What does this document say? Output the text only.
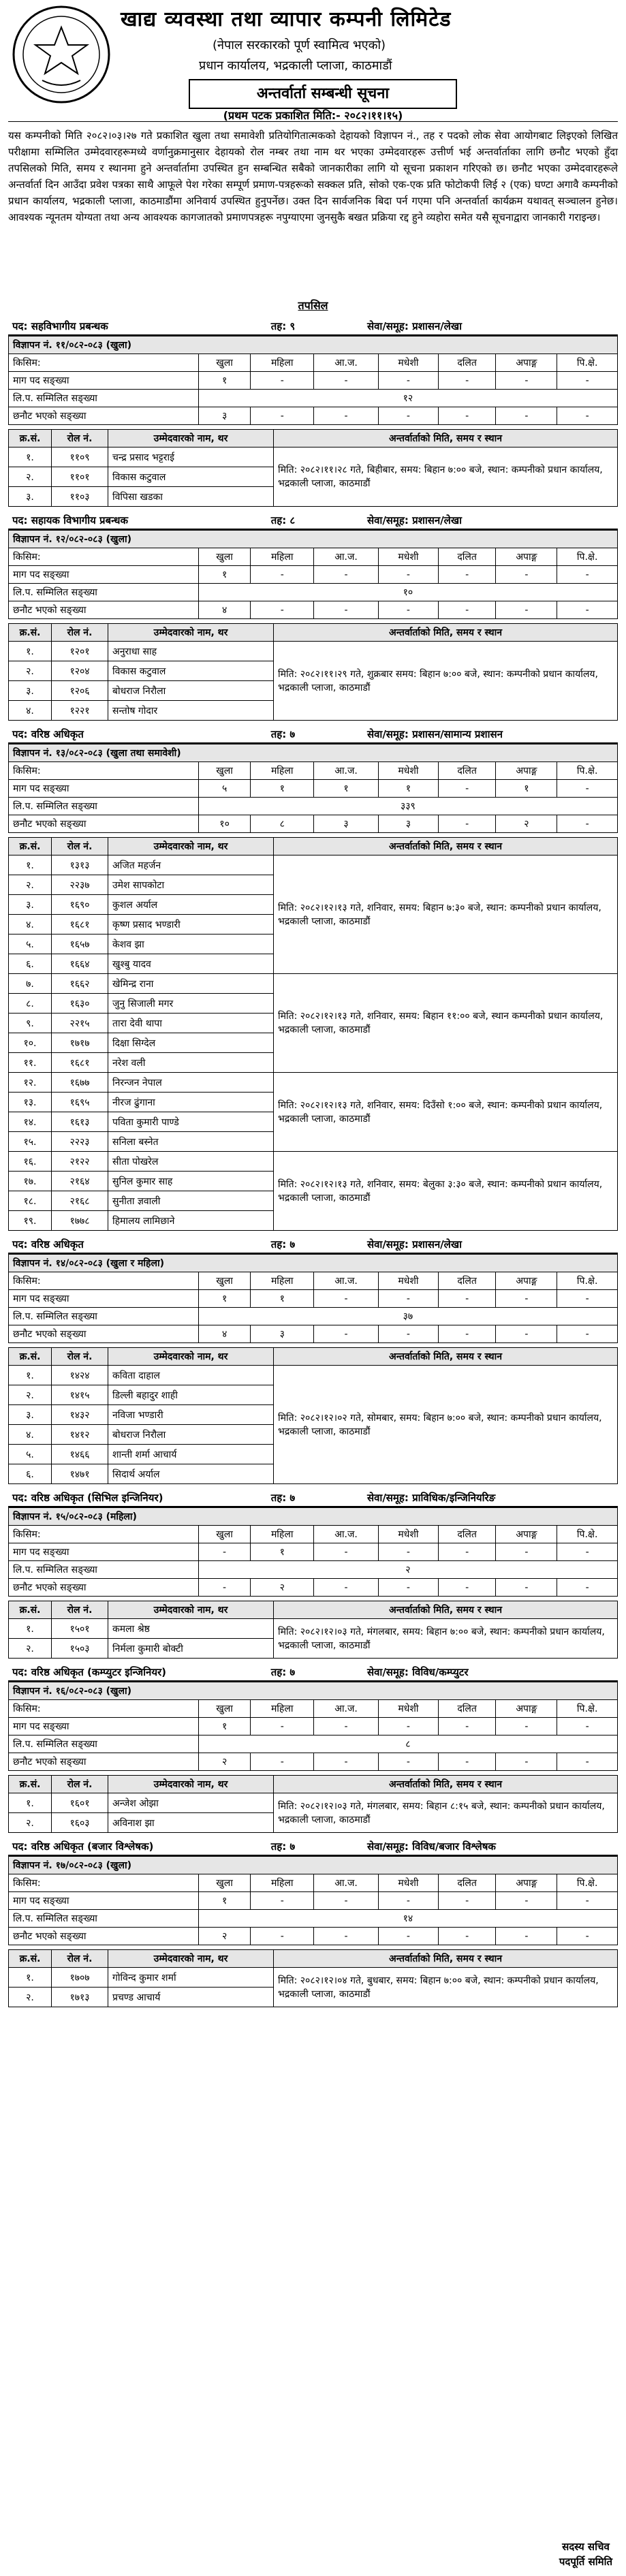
खाद्य व्यवस्था तथा व्यापार कम्पनी लिमिटेड
(नेपाल सरकारको पूर्ण स्वामित्व भएको)
प्रधान कार्यालय, भद्रकाली प्लाजा, काठमाडौं
अन्तर्वार्ता सम्बन्धी सूचना
(प्रथम पटक प्रकाशित मिति:- २०८२।११।१५)

यस कम्पनीको मिति २०८२।०३।२७ गते प्रकाशित खुला तथा समावेशी प्रतियोगितात्मकको देहायको विज्ञापन नं., तह र पदको लोक सेवा आयोगबाट लिइएको लिखित परीक्षामा सम्मिलित उम्मेदवारहरूमध्ये वर्णानुक्रमानुसार देहायको रोल नम्बर तथा नाम थर भएका उम्मेदवारहरू उत्तीर्ण भई अन्तर्वार्ताका लागि छनौट भएको हुँदा तपसिलको मिति, समय र स्थानमा हुने अन्तर्वार्तामा उपस्थित हुन सम्बन्धित सबैको जानकारीका लागि यो सूचना प्रकाशन गरिएको छ। छनौट भएका उम्मेदवारहरूले अन्तर्वार्ता दिन आउँदा प्रवेश पत्रका साथै आफूले पेश गरेका सम्पूर्ण प्रमाण-पत्रहरूको सक्कल प्रति, सोको एक-एक प्रति फोटोकपी लिई २ (एक) घण्टा अगावै कम्पनीको प्रधान कार्यालय, भद्रकाली प्लाजा, काठमाडौंमा अनिवार्य उपस्थित हुनुपर्नेछ। उक्त दिन सार्वजनिक बिदा पर्न गएमा पनि अन्तर्वार्ता कार्यक्रम यथावत् सञ्चालन हुनेछ। आवश्यक न्यूनतम योग्यता तथा अन्य आवश्यक कागजातको प्रमाणपत्रहरू नपुग्याएमा जुनसुकै बखत प्रक्रिया रद्द हुने व्यहोरा समेत यसै सूचनाद्वारा जानकारी गराइन्छ।

तपसिल
पद: सहविभागीय प्रबन्धक	तह: ९	सेवा/समूह: प्रशासन/लेखा
विज्ञापन नं. ११/०८२-०८३ (खुला)							
किसिम:	खुला	महिला	आ.ज.	मधेशी	दलित	अपाङ्ग	पि.क्षे.
माग पद सङ्ख्या	१	-	-	-	-	-	-
लि.प. सम्मिलित सङ्ख्या	१२						
छनौट भएको सङ्ख्या	३	-	-	-	-	-	-
क्र.सं.	रोल नं.	उम्मेदवारको नाम, थर	अन्तर्वार्ताको मिति, समय र स्थान
१.	११०९	चन्द्र प्रसाद भट्टराई	मिति: २०८२।११।२८ गते, बिहीबार, समय: बिहान ७:०० बजे, स्थान: कम्पनीको प्रधान कार्यालय, भद्रकाली प्लाजा, काठमाडौं
२.	११०१	विकास कटुवाल	
३.	११०३	विपिसा खडका	
पद: सहायक विभागीय प्रबन्धक	तह: ८	सेवा/समूह: प्रशासन/लेखा
विज्ञापन नं. १२/०८२-०८३ (खुला)							
किसिम:	खुला	महिला	आ.ज.	मधेशी	दलित	अपाङ्ग	पि.क्षे.
माग पद सङ्ख्या	१	-	-	-	-	-	-
लि.प. सम्मिलित सङ्ख्या	१०						
छनौट भएको सङ्ख्या	४	-	-	-	-	-	-
क्र.सं.	रोल नं.	उम्मेदवारको नाम, थर	अन्तर्वार्ताको मिति, समय र स्थान
१.	१२०१	अनुराधा साह	मिति: २०८२।११।२९ गते, शुक्रबार समय: बिहान ७:०० बजे, स्थान: कम्पनीको प्रधान कार्यालय, भद्रकाली प्लाजा, काठमाडौं
२.	१२०४	विकास कटुवाल	
३.	१२०६	बोधराज निरौला	
४.	१२२१	सन्तोष गोदार	
पद: वरिष्ठ अधिकृत	तह: ७	सेवा/समूह: प्रशासन/सामान्य प्रशासन
विज्ञापन नं. १३/०८२-०८३ (खुला तथा समावेशी)							
किसिम:	खुला	महिला	आ.ज.	मधेशी	दलित	अपाङ्ग	पि.क्षे.
माग पद सङ्ख्या	५	१	१	१	-	१	-
लि.प. सम्मिलित सङ्ख्या	३३९						
छनौट भएको सङ्ख्या	१०	८	३	३	-	२	-
क्र.सं.	रोल नं.	उम्मेदवारको नाम, थर	अन्तर्वार्ताको मिति, समय र स्थान
१.	१३१३	अजित महर्जन	मिति: २०८२।१२।१३ गते, शनिवार, समय: बिहान ७:३० बजे, स्थान: कम्पनीको प्रधान कार्यालय, भद्रकाली प्लाजा, काठमाडौं
२.	२२३७	उमेश सापकोटा	
३.	१६९०	कुशल अर्याल	
४.	१६८१	कृष्ण प्रसाद भण्डारी	
५.	१६५७	केशव झा	
६.	१६६४	खुश्बु यादव	
७.	१६६२	खेमिन्द्र राना	मिति: २०८२।१२।१३ गते, शनिवार, समय: बिहान ११:०० बजे, स्थान कम्पनीको प्रधान कार्यालय, भद्रकाली प्लाजा, काठमाडौं
८.	१६३०	जुनु सिजाली मगर	
९.	२२१५	तारा देवी थापा	
१०.	१७१७	दिक्षा सिग्देल	
११.	१६८१	नरेश वली	
१२.	१६७७	निरन्जन नेपाल	मिति: २०८२।१२।१३ गते, शनिवार, समय: दिउँसो १:०० बजे, स्थान: कम्पनीको प्रधान कार्यालय, भद्रकाली प्लाजा, काठमाडौं
१३.	१६९५	नीरज ढुंगाना	
१४.	१६१३	पविता कुमारी पाण्डे	
१५.	२२२३	सनिला बस्नेत	
१६.	२१२२	सीता पोखरेल	मिति: २०८२।१२।१३ गते, शनिवार, समय: बेलुका ३:३० बजे, स्थान: कम्पनीको प्रधान कार्यालय, भद्रकाली प्लाजा, काठमाडौं
१७.	२१६४	सुनिल कुमार साह	
१८.	२१६८	सुनीता ज्ञवाली	
१९.	१७७८	हिमालय लामिछाने	
पद: वरिष्ठ अधिकृत	तह: ७	सेवा/समूह: प्रशासन/लेखा
विज्ञापन नं. १४/०८२-०८३ (खुला र महिला)							
किसिम:	खुला	महिला	आ.ज.	मधेशी	दलित	अपाङ्ग	पि.क्षे.
माग पद सङ्ख्या	१	१	-	-	-	-	-
लि.प. सम्मिलित सङ्ख्या	३७						
छनौट भएको सङ्ख्या	४	३	-	-	-	-	-
क्र.सं.	रोल नं.	उम्मेदवारको नाम, थर	अन्तर्वार्ताको मिति, समय र स्थान
१.	१४२४	कविता दाहाल	मिति: २०८२।१२।०२ गते, सोमबार, समय: बिहान ७:०० बजे, स्थान: कम्पनीको प्रधान कार्यालय, भद्रकाली प्लाजा, काठमाडौं
२.	१४१५	डिल्ली बहादुर शाही	
३.	१४३२	नविजा भण्डारी	
४.	१४१२	बोधराज निरौला	
५.	१४६६	शान्ती शर्मा आचार्य	
६.	१४७१	सिदार्थ अर्याल	
पद: वरिष्ठ अधिकृत (सिभिल इन्जिनियर)	तह: ७	सेवा/समूह: प्राविधिक/इन्जिनियरिङ
विज्ञापन नं. १५/०८२-०८३ (महिला)							
किसिम:	खुला	महिला	आ.ज.	मधेशी	दलित	अपाङ्ग	पि.क्षे.
माग पद सङ्ख्या	-	१	-	-	-	-	-
लि.प. सम्मिलित सङ्ख्या	२						
छनौट भएको सङ्ख्या	-	२	-	-	-	-	-
क्र.सं.	रोल नं.	उम्मेदवारको नाम, थर	अन्तर्वार्ताको मिति, समय र स्थान
१.	१५०१	कमला श्रेष्ठ	मिति: २०८२।१२।०३ गते, मंगलबार, समय: बिहान ७:०० बजे, स्थान: कम्पनीको प्रधान कार्यालय, भद्रकाली प्लाजा, काठमाडौं
२.	१५०३	निर्मला कुमारी बोक्टी	
पद: वरिष्ठ अधिकृत (कम्प्युटर इन्जिनियर)	तह: ७	सेवा/समूह: विविध/कम्प्युटर
विज्ञापन नं. १६/०८२-०८३ (खुला)							
किसिम:	खुला	महिला	आ.ज.	मधेशी	दलित	अपाङ्ग	पि.क्षे.
माग पद सङ्ख्या	१	-	-	-	-	-	-
लि.प. सम्मिलित सङ्ख्या	८						
छनौट भएको सङ्ख्या	२	-	-	-	-	-	-
क्र.सं.	रोल नं.	उम्मेदवारको नाम, थर	अन्तर्वार्ताको मिति, समय र स्थान
१.	१६०१	अन्जेश ओझा	मिति: २०८२।१२।०३ गते, मंगलबार, समय: बिहान ८:१५ बजे, स्थान: कम्पनीको प्रधान कार्यालय, भद्रकाली प्लाजा, काठमाडौं
२.	१६०३	अविनाश झा	
पद: वरिष्ठ अधिकृत (बजार विश्लेषक)	तह: ७	सेवा/समूह: विविध/बजार विश्लेषक
विज्ञापन नं. १७/०८२-०८३ (खुला)							
किसिम:	खुला	महिला	आ.ज.	मधेशी	दलित	अपाङ्ग	पि.क्षे.
माग पद सङ्ख्या	१	-	-	-	-	-	-
लि.प. सम्मिलित सङ्ख्या	१४						
छनौट भएको सङ्ख्या	२	-	-	-	-	-	-
क्र.सं.	रोल नं.	उम्मेदवारको नाम, थर	अन्तर्वार्ताको मिति, समय र स्थान
१.	१७०७	गोविन्द कुमार शर्मा	मिति: २०८२।१२।०४ गते, बुधबार, समय: बिहान ७:०० बजे, स्थान: कम्पनीको प्रधान कार्यालय, भद्रकाली प्लाजा, काठमाडौं
२.	१७१३	प्रचण्ड आचार्य	
सदस्य सचिव
पदपूर्ति समिति
